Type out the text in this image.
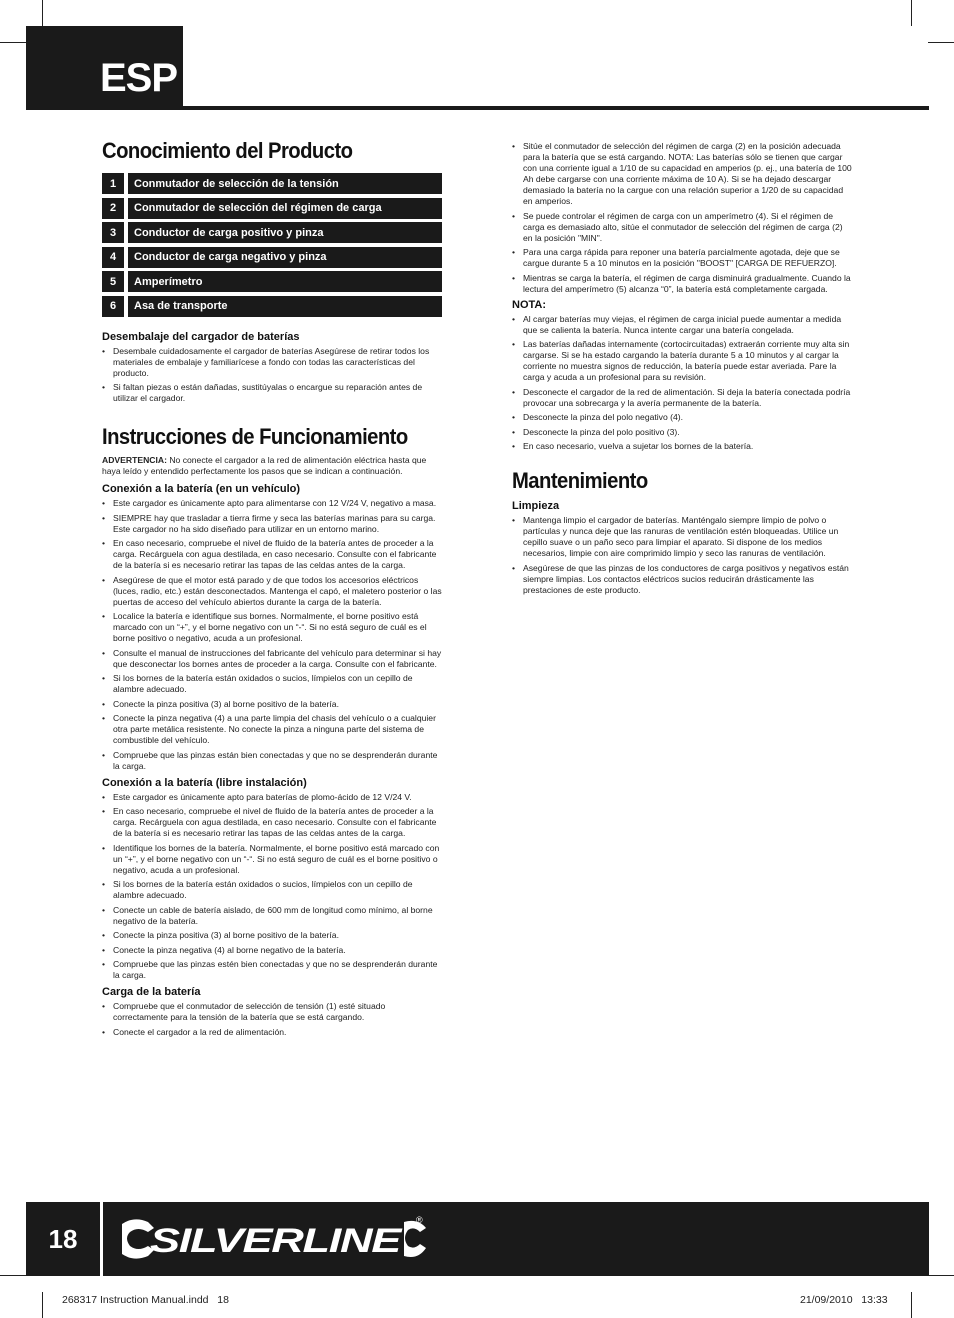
ESP
Conocimiento del Producto
1	Conmutador de selección de la tensión
2	Conmutador de selección del régimen de carga
3	Conductor de carga positivo y pinza
4	Conductor de carga negativo y pinza
5	Amperímetro
6	Asa de transporte
Desembalaje del cargador de baterías
• Desembale cuidadosamente el cargador de baterías Asegúrese de retirar todos los materiales de embalaje y familiarícese a fondo con todas las características del producto.
• Si faltan piezas o están dañadas, sustitúyalas o encargue su reparación antes de utilizar el cargador.
Instrucciones de Funcionamiento

ADVERTENCIA: No conecte el cargador a la red de alimentación eléctrica hasta que haya leído y entendido perfectamente los pasos que se indican a continuación.

Conexión a la batería (en un vehículo)
• Este cargador es únicamente apto para alimentarse con 12 V/24 V, negativo a masa.
• SIEMPRE hay que trasladar a tierra firme y seca las baterías marinas para su carga. Este cargador no ha sido diseñado para utilizar en un entorno marino.
• En caso necesario, compruebe el nivel de fluido de la batería antes de proceder a la carga. Recárguela con agua destilada, en caso necesario. Consulte con el fabricante de la batería si es necesario retirar las tapas de las celdas antes de la carga.
• Asegúrese de que el motor está parado y de que todos los accesorios eléctricos (luces, radio, etc.) están desconectados. Mantenga el capó, el maletero posterior o las puertas de acceso del vehículo abiertos durante la carga de la batería.
• Localice la batería e identifique sus bornes. Normalmente, el borne positivo está marcado con un “+”, y el borne negativo con un “-“. Si no está seguro de cuál es el borne positivo o negativo, acuda a un profesional.
• Consulte el manual de instrucciones del fabricante del vehículo para determinar si hay que desconectar los bornes antes de proceder a la carga. Consulte con el fabricante.
• Si los bornes de la batería están oxidados o sucios, límpielos con un cepillo de alambre adecuado.
• Conecte la pinza positiva (3) al borne positivo de la batería.
• Conecte la pinza negativa (4) a una parte limpia del chasis del vehículo o a cualquier otra parte metálica resistente. No conecte la pinza a ninguna parte del sistema de combustible del vehículo.
• Compruebe que las pinzas están bien conectadas y que no se desprenderán durante la carga.
Conexión a la batería (libre instalación)
• Este cargador es únicamente apto para baterías de plomo-ácido de 12 V/24 V.
• En caso necesario, compruebe el nivel de fluido de la batería antes de proceder a la carga. Recárguela con agua destilada, en caso necesario. Consulte con el fabricante de la batería si es necesario retirar las tapas de las celdas antes de la carga.
• Identifique los bornes de la batería. Normalmente, el borne positivo está marcado con un “+”, y el borne negativo con un “-“. Si no está seguro de cuál es el borne positivo o negativo, acuda a un profesional.
• Si los bornes de la batería están oxidados o sucios, límpielos con un cepillo de alambre adecuado.
• Conecte un cable de batería aislado, de 600 mm de longitud como mínimo, al borne negativo de la batería.
• Conecte la pinza positiva (3) al borne positivo de la batería.
• Conecte la pinza negativa (4) al borne negativo de la batería.
• Compruebe que las pinzas estén bien conectadas y que no se desprenderán durante la carga.
Carga de la batería
• Compruebe que el conmutador de selección de tensión (1) esté situado correctamente para la tensión de la batería que se está cargando.
• Conecte el cargador a la red de alimentación.
• Sitúe el conmutador de selección del régimen de carga (2) en la posición adecuada para la batería que se está cargando. NOTA: Las baterías sólo se tienen que cargar con una corriente igual a 1/10 de su capacidad en amperios (p. ej., una batería de 100 Ah debe cargarse con una corriente máxima de 10 A). Si se ha dejado descargar demasiado la batería no la cargue con una relación superior a 1/20 de su capacidad en amperios.
• Se puede controlar el régimen de carga con un amperímetro (4). Si el régimen de carga es demasiado alto, sitúe el conmutador de selección del régimen de carga (2) en la posición "MIN".
• Para una carga rápida para reponer una batería parcialmente agotada, deje que se cargue durante 5 a 10 minutos en la posición "BOOST" [CARGA DE REFUERZO].
• Mientras se carga la batería, el régimen de carga disminuirá gradualmente. Cuando la lectura del amperímetro (5) alcanza “0”, la batería está completamente cargada.
NOTA:
• Al cargar baterías muy viejas, el régimen de carga inicial puede aumentar a medida que se calienta la batería. Nunca intente cargar una batería congelada.
• Las baterías dañadas internamente (cortocircuitadas) extraerán corriente muy alta sin cargarse. Si se ha estado cargando la batería durante 5 a 10 minutos y al cargar la corriente no muestra signos de reducción, la batería puede estar averiada. Pare la carga y acuda a un profesional para su revisión.
• Desconecte el cargador de la red de alimentación. Si deja la batería conectada podría provocar una sobrecarga y la avería permanente de la batería.
• Desconecte la pinza del polo negativo (4).
• Desconecte la pinza del polo positivo (3).
• En caso necesario, vuelva a sujetar los bornes de la batería.
Mantenimiento
Limpieza
• Mantenga limpio el cargador de baterías. Manténgalo siempre limpio de polvo o partículas y nunca deje que las ranuras de ventilación estén bloqueadas. Utilice un cepillo suave o un paño seco para limpiar el aparato. Si dispone de los medios necesarios, limpie con aire comprimido limpio y seco las ranuras de ventilación.
• Asegúrese de que las pinzas de los conductores de carga positivos y negativos están siempre limpias. Los contactos eléctricos sucios reducirán drásticamente las prestaciones de este producto.
18	SILVERLINE
®
268317 Instruction Manual.indd   18	21/09/2010   13:33
